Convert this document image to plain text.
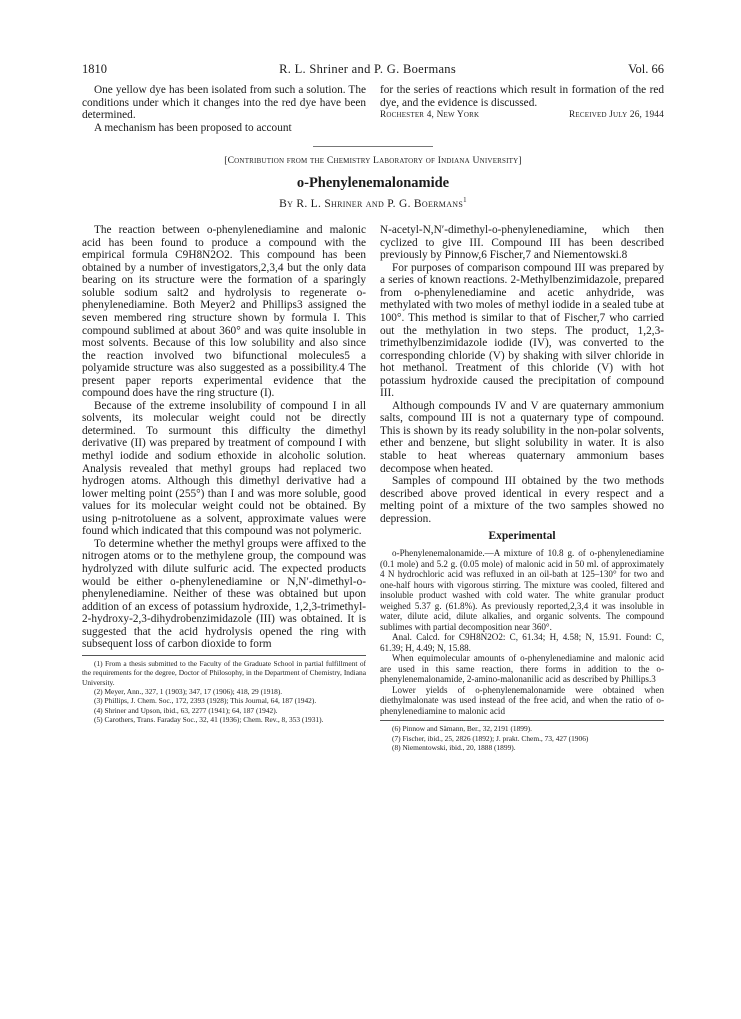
1810	R. L. Shriner and P. G. Boermans	Vol. 66

One yellow dye has been isolated from such a solution. The conditions under which it changes into the red dye have been determined.

A mechanism has been proposed to account

for the series of reactions which result in formation of the red dye, and the evidence is discussed.

Rochester 4, New York	Received July 26, 1944
[Contribution from the Chemistry Laboratory of Indiana University]
o-Phenylenemalonamide
By R. L. Shriner and P. G. Boermans$^1$

The reaction between o-phenylenediamine and malonic acid has been found to produce a compound with the empirical formula C9H8N2O2. This compound has been obtained by a number of investigators,2,3,4 but the only data bearing on its structure were the formation of a sparingly soluble sodium salt2 and hydrolysis to regenerate o-phenylenediamine. Both Meyer2 and Phillips3 assigned the seven membered ring structure shown by formula I. This compound sublimed at about 360° and was quite insoluble in most solvents. Because of this low solubility and also since the reaction involved two bifunctional molecules5 a polyamide structure was also suggested as a possibility.4 The present paper reports experimental evidence that the compound does have the ring structure (I).

Because of the extreme insolubility of compound I in all solvents, its molecular weight could not be directly determined. To surmount this difficulty the dimethyl derivative (II) was prepared by treatment of compound I with methyl iodide and sodium ethoxide in alcoholic solution. Analysis revealed that methyl groups had replaced two hydrogen atoms. Although this dimethyl derivative had a lower melting point (255°) than I and was more soluble, good values for its molecular weight could not be obtained. By using p-nitrotoluene as a solvent, approximate values were found which indicated that this compound was not polymeric.

To determine whether the methyl groups were affixed to the nitrogen atoms or to the methylene group, the compound was hydrolyzed with dilute sulfuric acid. The expected products would be either o-phenylenediamine or N,N′-dimethyl-o-phenylenediamine. Neither of these was obtained but upon addition of an excess of potassium hydroxide, 1,2,3-trimethyl-2-hydroxy-2,3-dihydrobenzimidazole (III) was obtained. It is suggested that the acid hydrolysis opened the ring with subsequent loss of carbon dioxide to form

(1) From a thesis submitted to the Faculty of the Graduate School in partial fulfillment of the requirements for the degree, Doctor of Philosophy, in the Department of Chemistry, Indiana University.

(2) Meyer, Ann., 327, 1 (1903); 347, 17 (1906); 418, 29 (1918).

(3) Phillips, J. Chem. Soc., 172, 2393 (1928); This Journal, 64, 187 (1942).

(4) Shriner and Upson, ibid., 63, 2277 (1941); 64, 187 (1942).

(5) Carothers, Trans. Faraday Soc., 32, 41 (1936); Chem. Rev., 8, 353 (1931).

N-acetyl-N,N′-dimethyl-o-phenylenediamine, which then cyclized to give III. Compound III has been described previously by Pinnow,6 Fischer,7 and Niementowski.8

For purposes of comparison compound III was prepared by a series of known reactions. 2-Methylbenzimidazole, prepared from o-phenylenediamine and acetic anhydride, was methylated with two moles of methyl iodide in a sealed tube at 100°. This method is similar to that of Fischer,7 who carried out the methylation in two steps. The product, 1,2,3-trimethylbenzimidazole iodide (IV), was converted to the corresponding chloride (V) by shaking with silver chloride in hot methanol. Treatment of this chloride (V) with hot potassium hydroxide caused the precipitation of compound III.

Although compounds IV and V are quaternary ammonium salts, compound III is not a quaternary type of compound. This is shown by its ready solubility in the non-polar solvents, ether and benzene, but slight solubility in water. It is also stable to heat whereas quaternary ammonium bases decompose when heated.

Samples of compound III obtained by the two methods described above proved identical in every respect and a melting point of a mixture of the two samples showed no depression.

Experimental

o-Phenylenemalonamide.—A mixture of 10.8 g. of o-phenylenediamine (0.1 mole) and 5.2 g. (0.05 mole) of malonic acid in 50 ml. of approximately 4 N hydrochloric acid was refluxed in an oil-bath at 125–130° for two and one-half hours with vigorous stirring. The mixture was cooled, filtered and insoluble product washed with cold water. The white granular product weighed 5.37 g. (61.8%). As previously reported,2,3,4 it was insoluble in water, dilute acid, dilute alkalies, and organic solvents. The compound sublimes with partial decomposition near 360°.

Anal. Calcd. for C9H8N2O2: C, 61.34; H, 4.58; N, 15.91. Found: C, 61.39; H, 4.49; N, 15.88.

When equimolecular amounts of o-phenylenediamine and malonic acid are used in this same reaction, there forms in addition to the o-phenylenemalonamide, 2-amino-malonanilic acid as described by Phillips.3

Lower yields of o-phenylenemalonamide were obtained when diethylmalonate was used instead of the free acid, and when the ratio of o-phenylenediamine to malonic acid

(6) Pinnow and Sämann, Ber., 32, 2191 (1899).

(7) Fischer, ibid., 25, 2826 (1892); J. prakt. Chem., 73, 427 (1906)

(8) Niementowski, ibid., 20, 1888 (1899).
